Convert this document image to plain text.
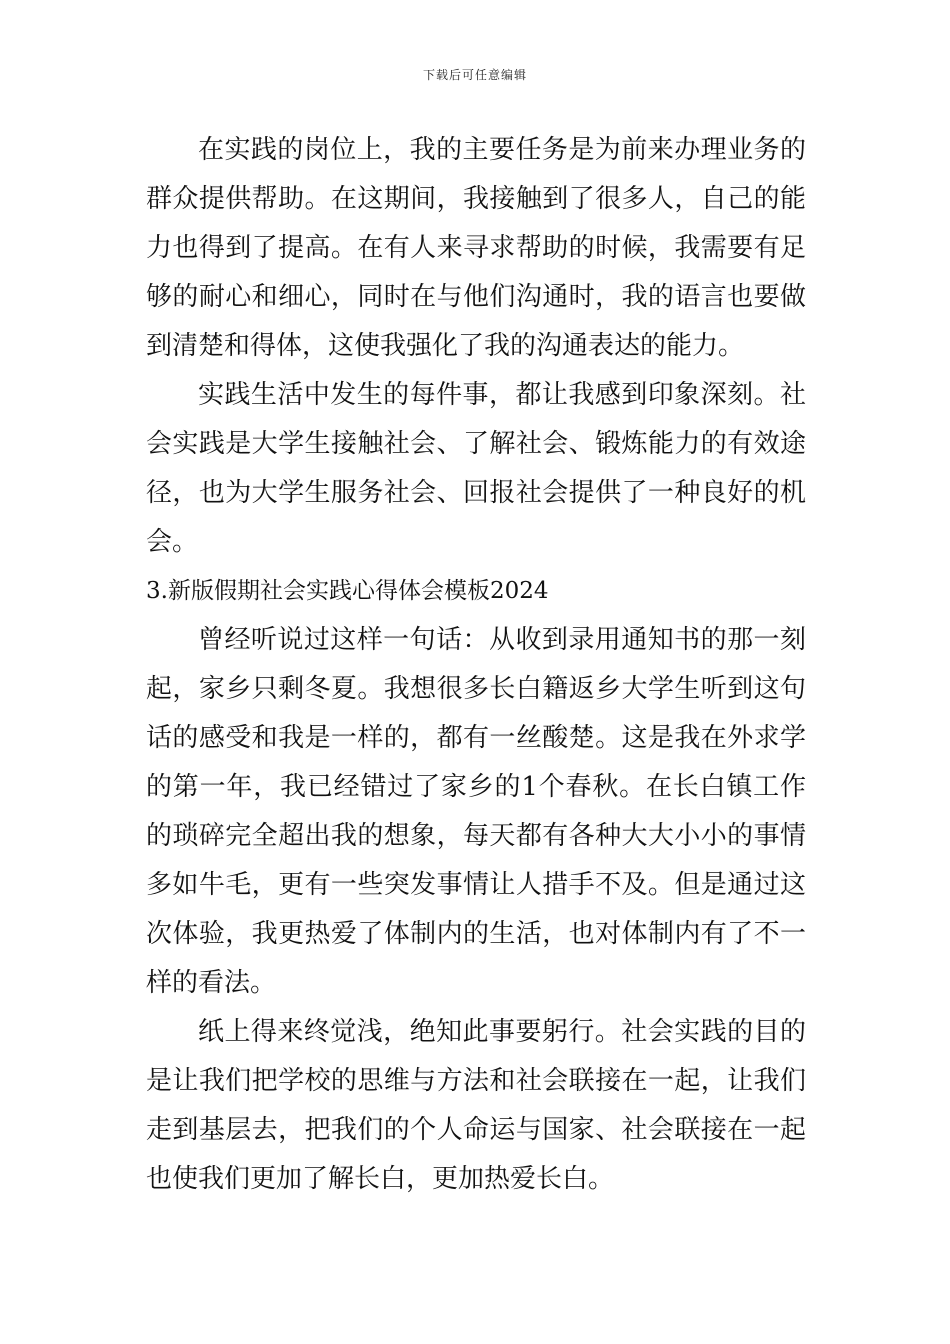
下载后可任意编辑

在实践的岗位上，我的主要任务是为前来办理业务的群众提供帮助。在这期间，我接触到了很多人，自己的能力也得到了提高。在有人来寻求帮助的时候，我需要有足够的耐心和细心，同时在与他们沟通时，我的语言也要做到清楚和得体，这使我强化了我的沟通表达的能力。

实践生活中发生的每件事，都让我感到印象深刻。社会实践是大学生接触社会、了解社会、锻炼能力的有效途径，也为大学生服务社会、回报社会提供了一种良好的机会。

3.新版假期社会实践心得体会模板2024

曾经听说过这样一句话：从收到录用通知书的那一刻起，家乡只剩冬夏。我想很多长白籍返乡大学生听到这句话的感受和我是一样的，都有一丝酸楚。这是我在外求学的第一年，我已经错过了家乡的1个春秋。在长白镇工作的琐碎完全超出我的想象，每天都有各种大大小小的事情多如牛毛，更有一些突发事情让人措手不及。但是通过这次体验，我更热爱了体制内的生活，也对体制内有了不一样的看法。

纸上得来终觉浅，绝知此事要躬行。社会实践的目的是让我们把学校的思维与方法和社会联接在一起，让我们走到基层去，把我们的个人命运与国家、社会联接在一起也使我们更加了解长白，更加热爱长白。
